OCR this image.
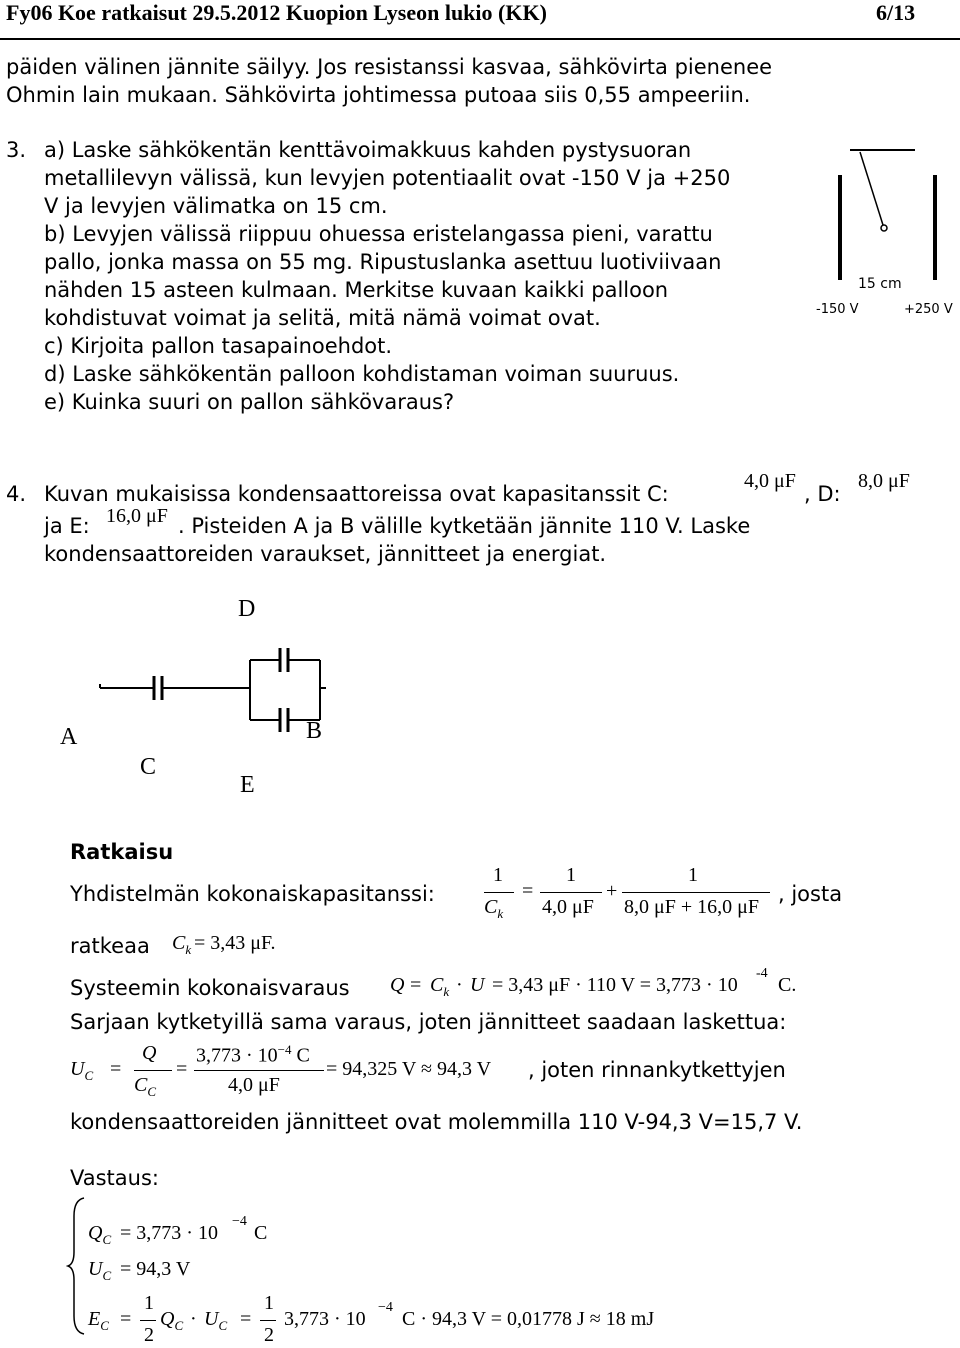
Fy06 Koe ratkaisut 29.5.2012 Kuopion Lyseon lukio (KK)	6/13
päiden välinen jännite säilyy. Jos resistanssi kasvaa, sähkövirta pienenee
Ohmin lain mukaan. Sähkövirta johtimessa putoaa siis 0,55 ampeeriin.
3. a) Laske sähkökentän kenttävoimakkuus kahden pystysuoran
metallilevyn välissä, kun levyjen potentiaalit ovat -150 V ja +250
V ja levyjen välimatka on 15 cm.
b) Levyjen välissä riippuu ohuessa eristelangassa pieni, varattu
pallo, jonka massa on 55 mg. Ripustuslanka asettuu luotiviivaan
nähden 15 asteen kulmaan. Merkitse kuvaan kaikki palloon
kohdistuvat voimat ja selitä, mitä nämä voimat ovat.
c) Kirjoita pallon tasapainoehdot.
d) Laske sähkökentän palloon kohdistaman voiman suuruus.
e) Kuinka suuri on pallon sähkövaraus?
15 cm
-150 V	+250 V
4. Kuvan mukaisissa kondensaattoreissa ovat kapasitanssit C:
4,0 μF
, D:
8,0 μF
ja E: 16,0 μF . Pisteiden A ja B välille kytketään jännite 110 V. Laske
kondensaattoreiden varaukset, jännitteet ja energiat.
D
A	B
C
E
Ratkaisu
Yhdistelmän kokonaiskapasitanssi:
1
$C_k$
=
1
4,0 μF
+
1
8,0 μF + 16,0 μF
, josta
ratkeaa $C_k = 3,43$ μF.
Systeemin kokonaisvaraus $Q = C_k \cdot U = 3,43$ μF · 110 V = 3,773 · 10
-4
C.
Sarjaan kytketyillä sama varaus, joten jännitteet saadaan laskettua:
$U_C$ =
Q
$C_C$
=
$3,773 \cdot 10^{-4}$ C
4,0 μF
= 94,325 V ≈ 94,3 V , joten rinnankytkettyjen
kondensaattoreiden jännitteet ovat molemmilla 110 V-94,3 V=15,7 V.
Vastaus:
$Q_C = 3,773 \cdot 10$
−4
C
$U_C = 94,3$ V
$E_C$ =
1
2
$Q_C \cdot U_C$ =
1
2
3,773 · 10
−4
C · 94,3 V = 0,01778 J ≈ 18 mJ
